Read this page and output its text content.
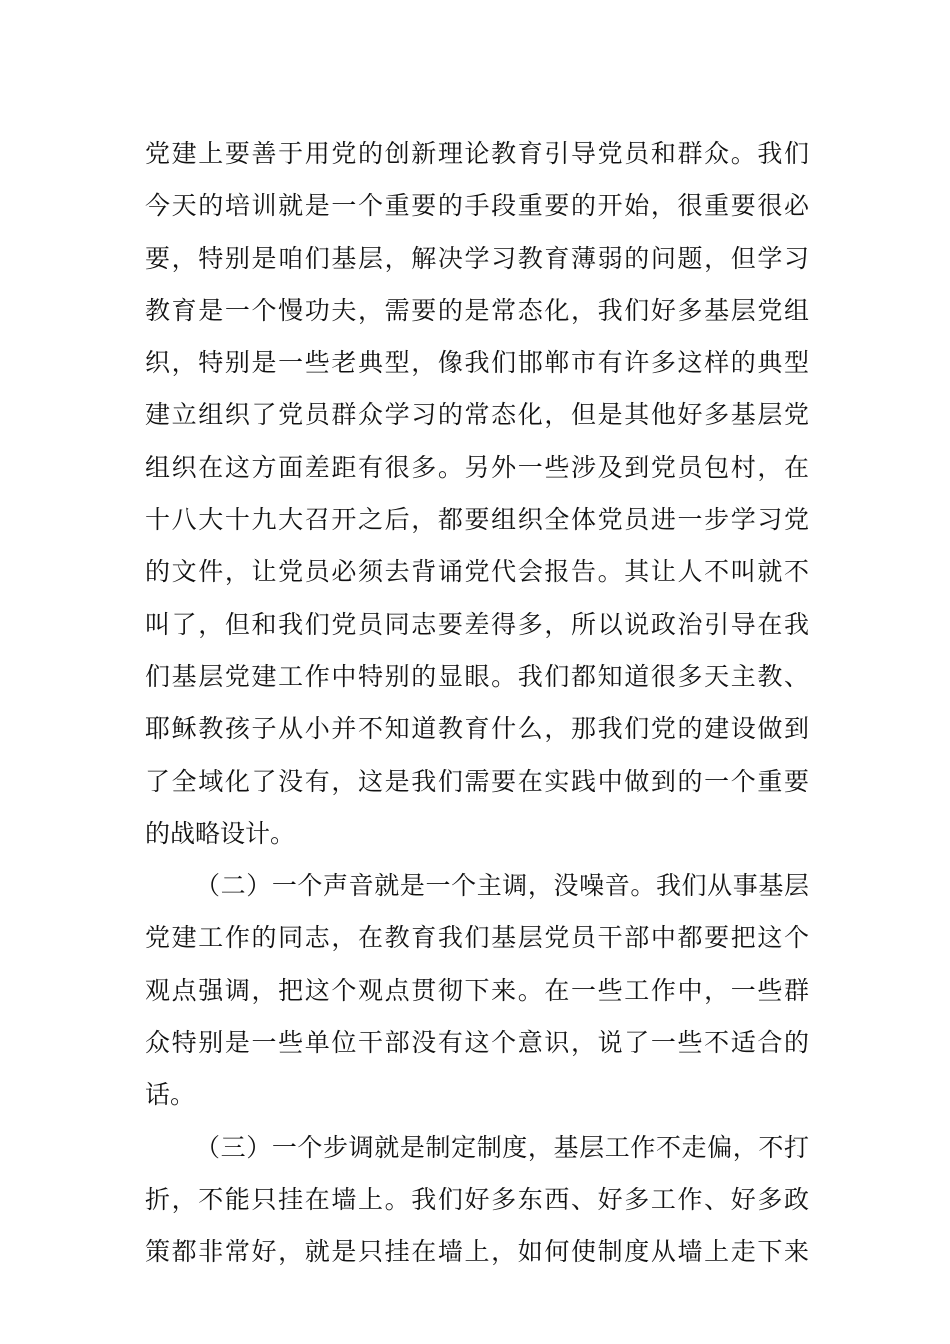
党建上要善于用党的创新理论教育引导党员和群众。我们
今天的培训就是一个重要的手段重要的开始，很重要很必
要，特别是咱们基层，解决学习教育薄弱的问题，但学习
教育是一个慢功夫，需要的是常态化，我们好多基层党组
织，特别是一些老典型，像我们邯郸市有许多这样的典型
建立组织了党员群众学习的常态化，但是其他好多基层党
组织在这方面差距有很多。另外一些涉及到党员包村，在
十八大十九大召开之后，都要组织全体党员进一步学习党
的文件，让党员必须去背诵党代会报告。其让人不叫就不
叫了，但和我们党员同志要差得多，所以说政治引导在我
们基层党建工作中特别的显眼。我们都知道很多天主教、
耶稣教孩子从小并不知道教育什么，那我们党的建设做到
了全域化了没有，这是我们需要在实践中做到的一个重要
的战略设计。
（二）一个声音就是一个主调，没噪音。我们从事基层
党建工作的同志，在教育我们基层党员干部中都要把这个
观点强调，把这个观点贯彻下来。在一些工作中，一些群
众特别是一些单位干部没有这个意识，说了一些不适合的
话。
（三）一个步调就是制定制度，基层工作不走偏，不打
折，不能只挂在墙上。我们好多东西、好多工作、好多政
策都非常好，就是只挂在墙上，如何使制度从墙上走下来
